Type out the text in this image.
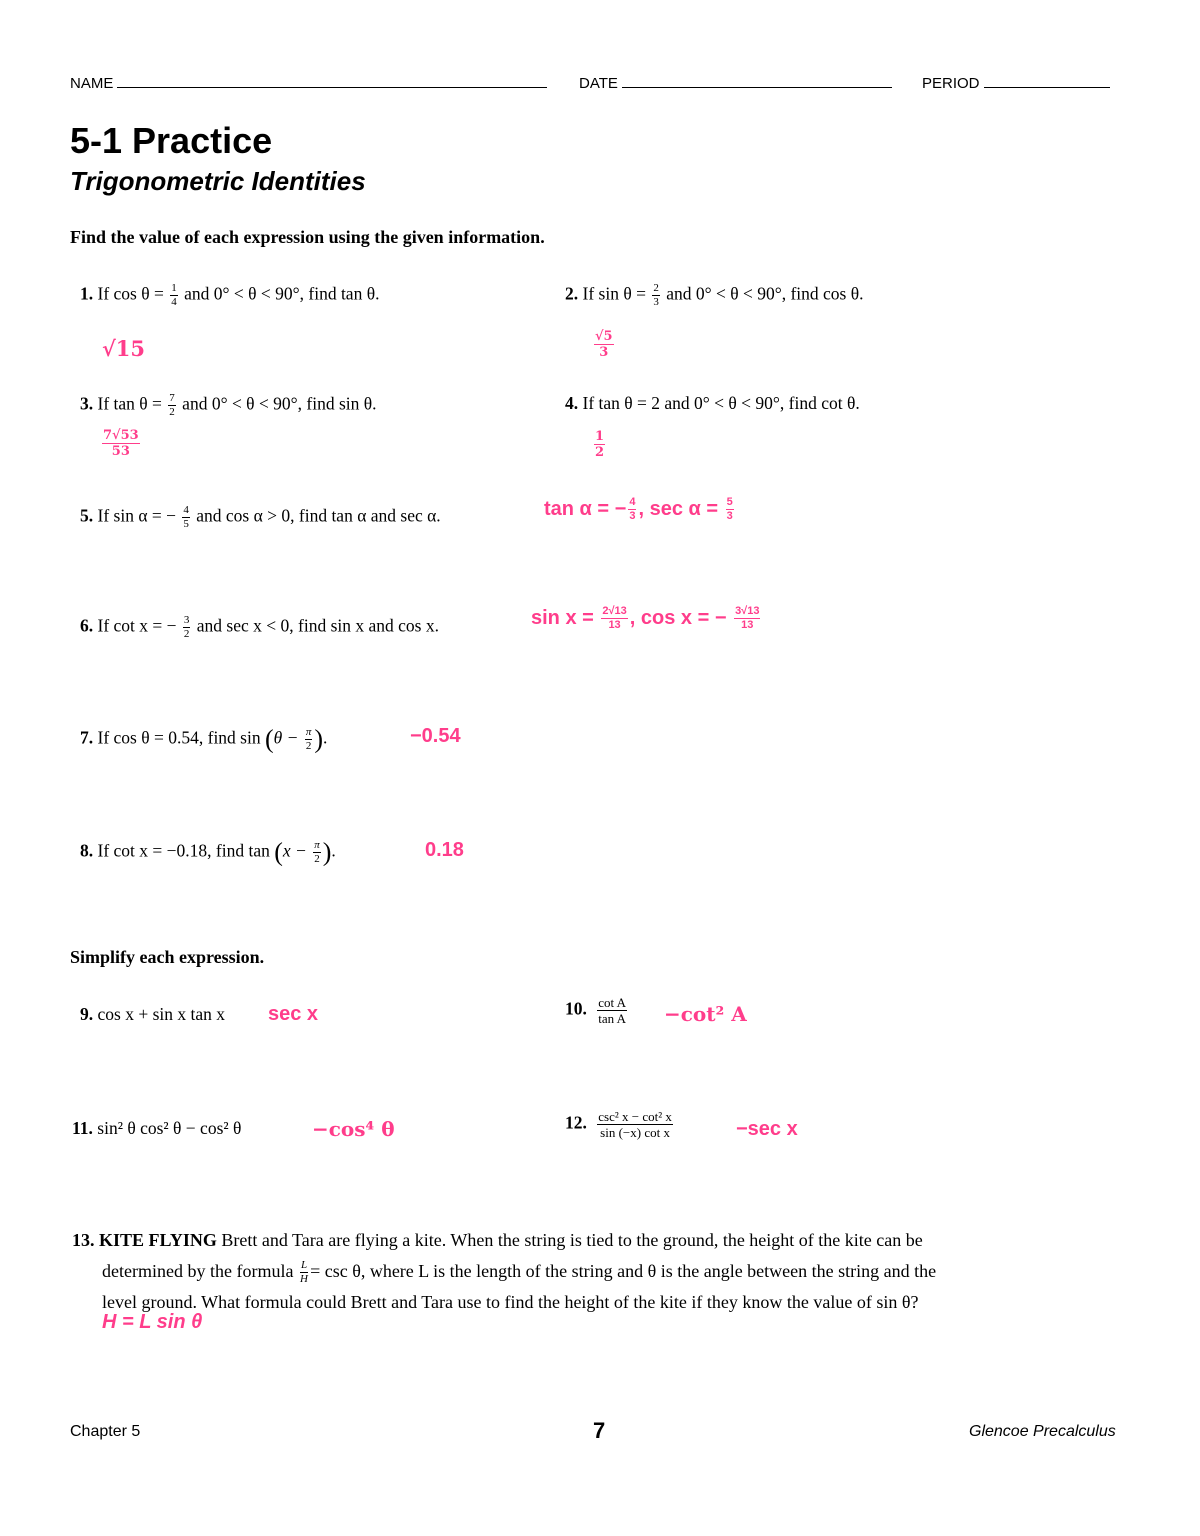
NAME	DATE	PERIOD
5-1 Practice
Trigonometric Identities
Find the value of each expression using the given information.
1. If $\cos \theta = \frac{1}{4}$ and 0° < θ < 90°, find tan θ.
√15
2. If $\sin \theta = \frac{2}{3}$ and 0° < θ < 90°, find cos θ.
$\frac{√5}{3}$
3. If $\tan \theta = \frac{7}{2}$ and 0° < θ < 90°, find sin θ.
$\frac{7√53}{53}$
4. If tan θ = 2 and 0° < θ < 90°, find cot θ.
$\frac{1}{2}$
5. If sin α = − $\frac{4}{5}$ and cos α > 0, find tan α and sec α.	tan α = − $\frac{4}{3}$ , $\sec \alpha = \frac{5}{3}$
6. If cot x = − $\frac{3}{2}$ and sec x < 0, find sin x and cos x.	$\sin x = \frac{2√13}{13}$ , cos x = − $\frac{3√13}{13}$
7. If cos θ = 0.54, find $\sin (\theta - \frac{\pi}{2}$ ).	−0.54
8. If cot x = −0.18, find $\tan (x - \frac{\pi}{2}$ ).	0.18
Simplify each expression.
9. cos x + sin x tan x sec x	10. $\frac{\text{cot A}}{\text{tan A}} -\cot^2$ A
11. sin² θ cos² θ − cos² θ	−cos⁴ θ	12. $\frac{\text{csc² x − cot² x}}{\text{sin (−x) cot x}}$	−sec x
13. KITE FLYING Brett and Tara are flying a kite. When the string is tied to the ground, the height of the kite can be
determined by the formula $\frac{L}{H} = \csc \theta$, where L is the length of the string and θ is the angle between the string and the
level ground. What formula could Brett and Tara use to find the height of the kite if they know the value of sin θ?
H = L sin θ
Chapter 5	7	Glencoe Precalculus
